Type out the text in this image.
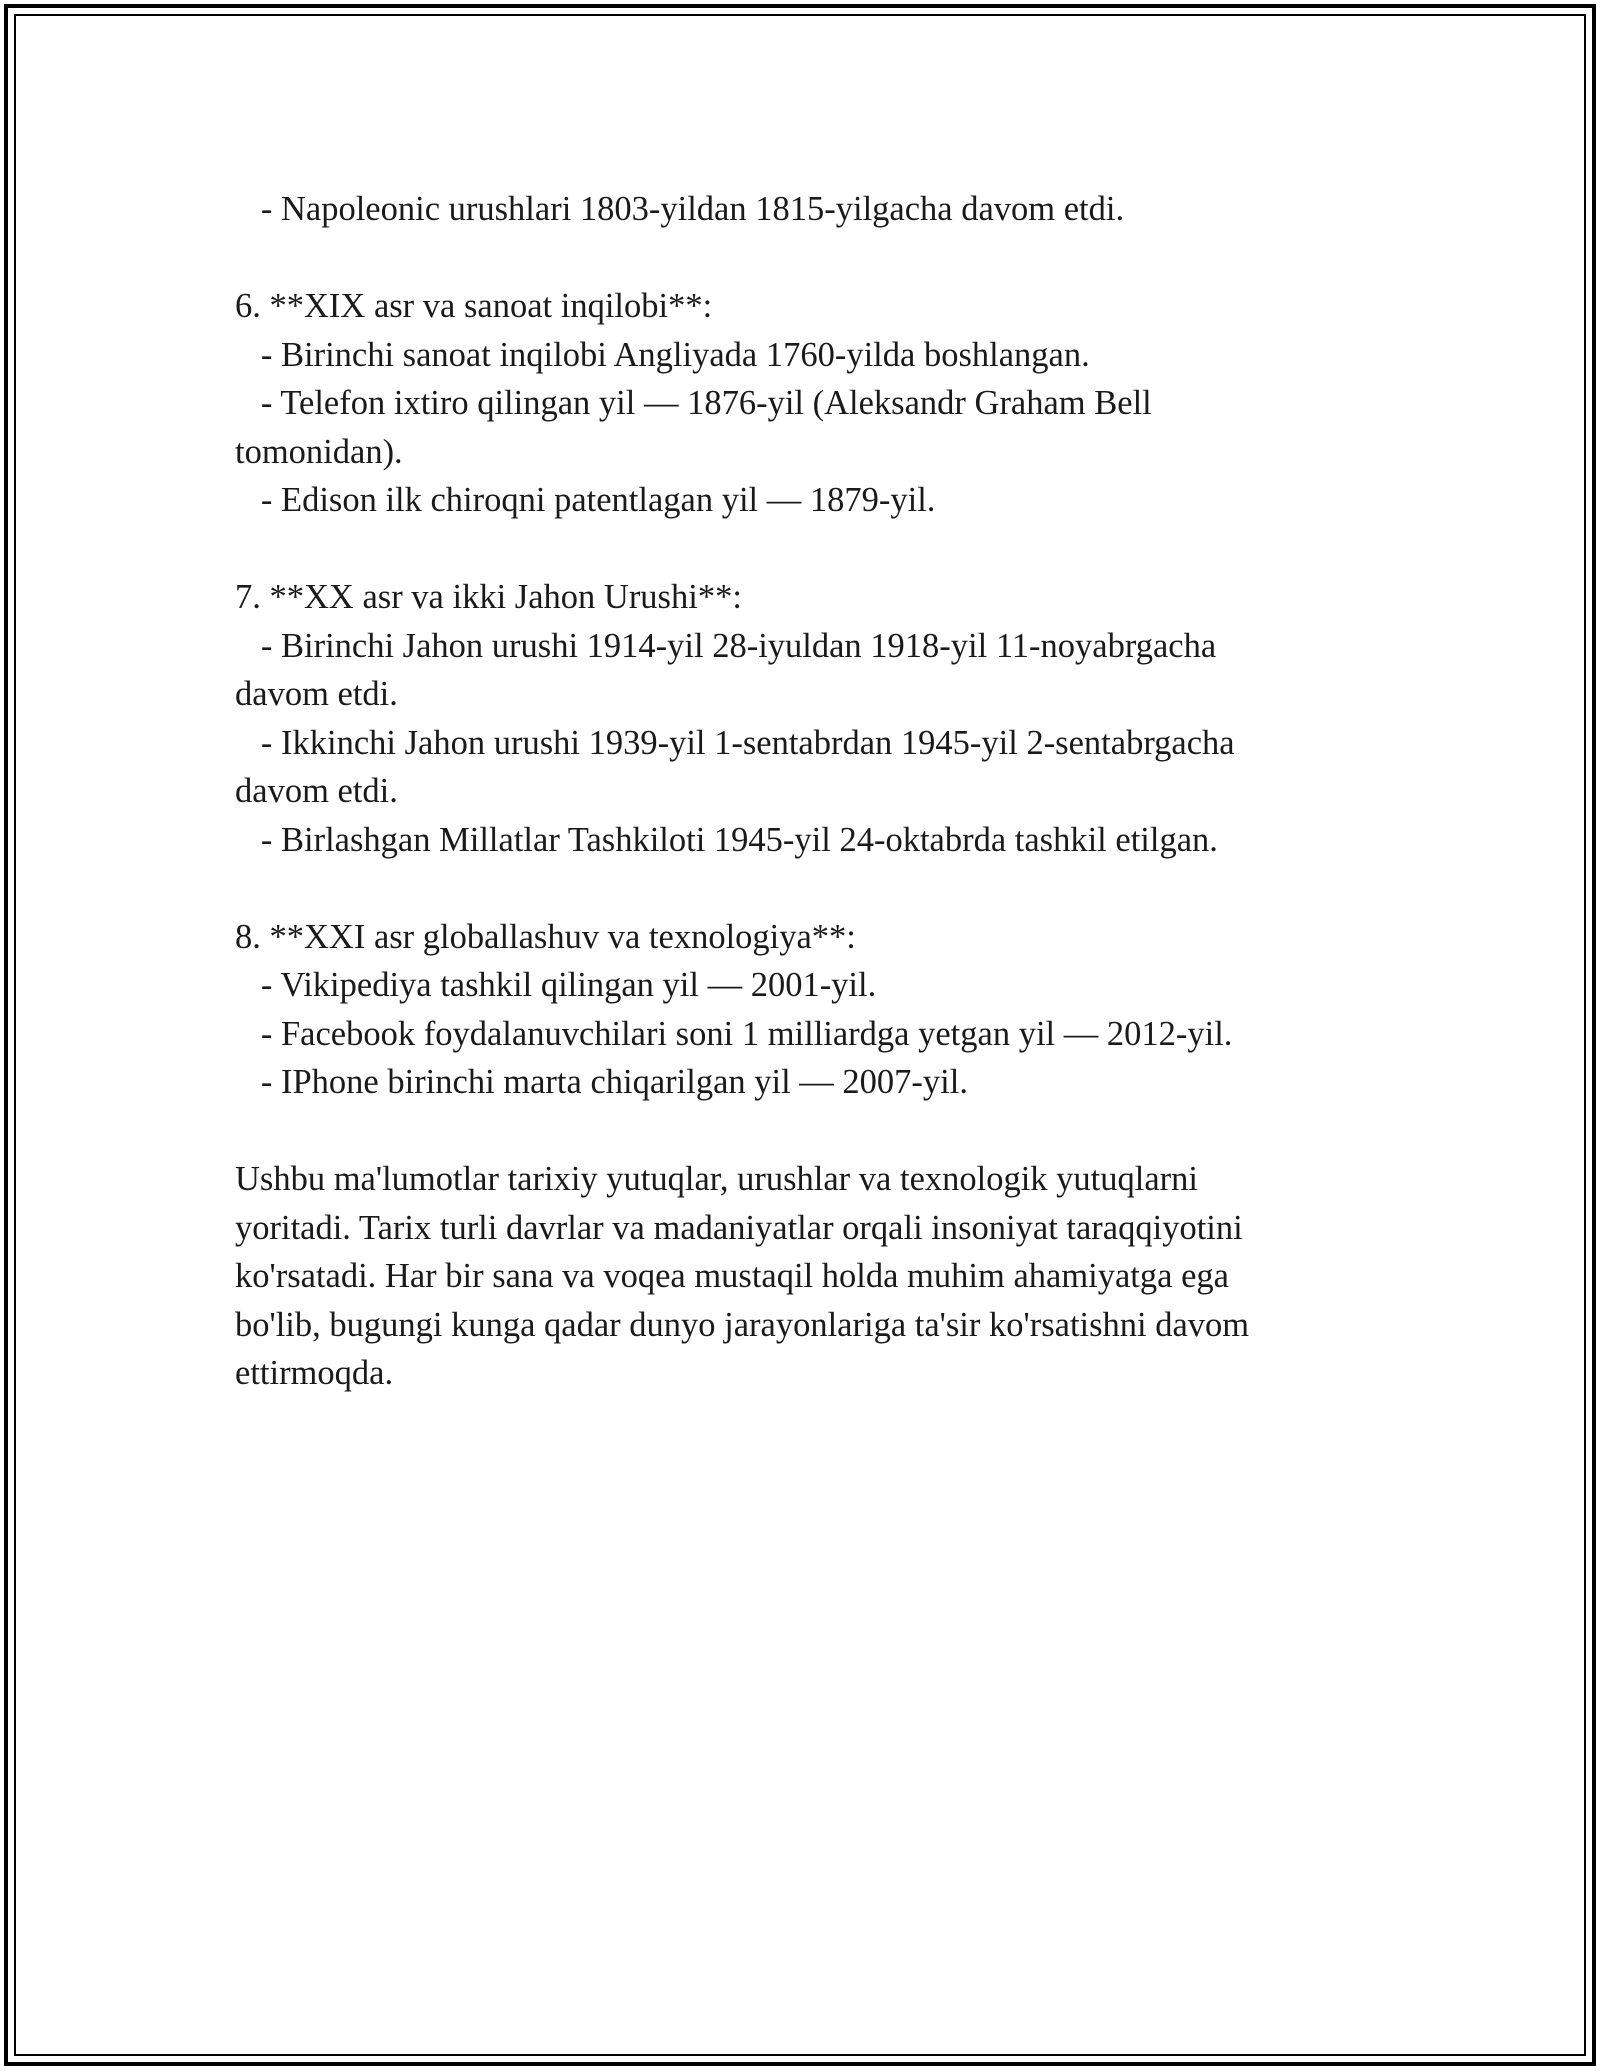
- Napoleonic urushlari 1803-yildan 1815-yilgacha davom etdi.
6. **XIX asr va sanoat inqilobi**:
- Birinchi sanoat inqilobi Angliyada 1760-yilda boshlangan.
- Telefon ixtiro qilingan yil — 1876-yil (Aleksandr Graham Bell
tomonidan).
- Edison ilk chiroqni patentlagan yil — 1879-yil.
7. **XX asr va ikki Jahon Urushi**:
- Birinchi Jahon urushi 1914-yil 28-iyuldan 1918-yil 11-noyabrgacha
davom etdi.
- Ikkinchi Jahon urushi 1939-yil 1-sentabrdan 1945-yil 2-sentabrgacha
davom etdi.
- Birlashgan Millatlar Tashkiloti 1945-yil 24-oktabrda tashkil etilgan.
8. **XXI asr globallashuv va texnologiya**:
- Vikipediya tashkil qilingan yil — 2001-yil.
- Facebook foydalanuvchilari soni 1 milliardga yetgan yil — 2012-yil.
- IPhone birinchi marta chiqarilgan yil — 2007-yil.
Ushbu ma'lumotlar tarixiy yutuqlar, urushlar va texnologik yutuqlarni
yoritadi. Tarix turli davrlar va madaniyatlar orqali insoniyat taraqqiyotini
ko'rsatadi. Har bir sana va voqea mustaqil holda muhim ahamiyatga ega
bo'lib, bugungi kunga qadar dunyo jarayonlariga ta'sir ko'rsatishni davom
ettirmoqda.
